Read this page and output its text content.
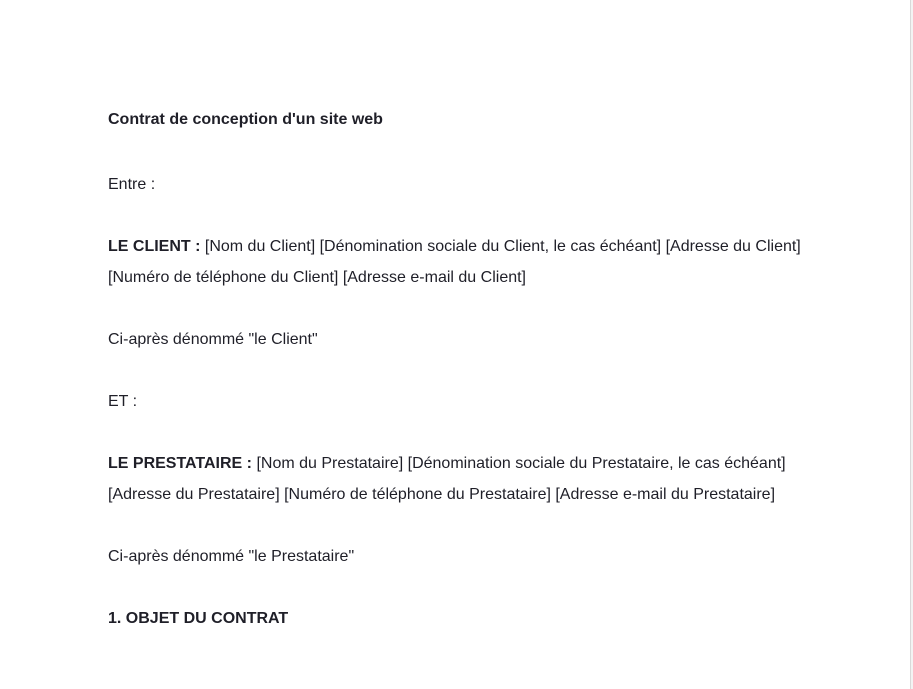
Contrat de conception d'un site web

Entre :

LE CLIENT : [Nom du Client] [Dénomination sociale du Client, le cas échéant] [Adresse du Client] [Numéro de téléphone du Client] [Adresse e-mail du Client]

Ci-après dénommé "le Client"

ET :

LE PRESTATAIRE : [Nom du Prestataire] [Dénomination sociale du Prestataire, le cas échéant] [Adresse du Prestataire] [Numéro de téléphone du Prestataire] [Adresse e-mail du Prestataire]

Ci-après dénommé "le Prestataire"

1. OBJET DU CONTRAT
